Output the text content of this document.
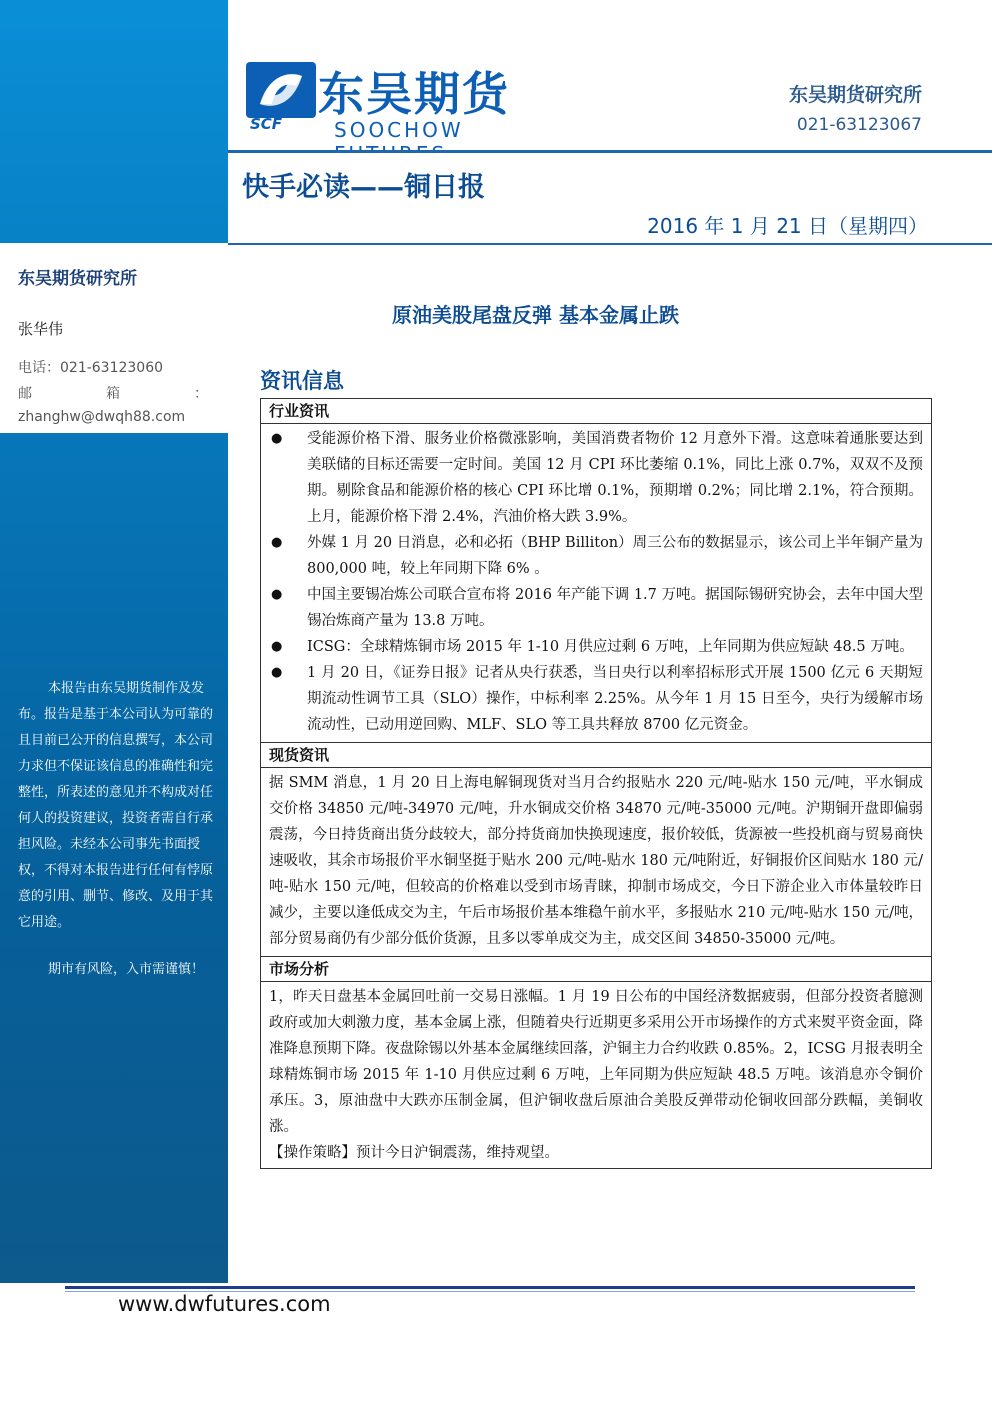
本报告由东吴期货制作及发布。报告是基于本公司认为可靠的且目前已公开的信息撰写，本公司力求但不保证该信息的准确性和完整性，所表述的意见并不构成对任何人的投资建议，投资者需自行承担风险。未经本公司事先书面授权，不得对本报告进行任何有悖原意的引用、删节、修改、及用于其它用途。
期市有风险，入市需谨慎！
东吴期货研究所
张华伟
电话：021-63123060
邮箱：
zhanghw@dwqh88.com
SCF
东吴期货
SOOCHOW
东吴期货研究所
021-63123067
快手必读——铜日报
2016 年 1 月 21 日（星期四）
原油美股尾盘反弹 基本金属止跌
资讯信息
行业资讯
●	受能源价格下滑、服务业价格微涨影响，美国消费者物价 12 月意外下滑。这意味着通胀要达到美联储的目标还需要一定时间。美国 12 月 CPI 环比萎缩 0.1%，同比上涨 0.7%，双双不及预期。剔除食品和能源价格的核心 CPI 环比增 0.1%，预期增 0.2%；同比增 2.1%，符合预期。上月，能源价格下滑 2.4%，汽油价格大跌 3.9%。
●	外媒 1 月 20 日消息，必和必拓（BHP Billiton）周三公布的数据显示，该公司上半年铜产量为 800,000 吨，较上年同期下降 6% 。
●	中国主要锡冶炼公司联合宣布将 2016 年产能下调 1.7 万吨。据国际锡研究协会，去年中国大型锡冶炼商产量为 13.8 万吨。
●	ICSG：全球精炼铜市场 2015 年 1-10 月供应过剩 6 万吨，上年同期为供应短缺 48.5 万吨。
●	1 月 20 日，《证券日报》记者从央行获悉，当日央行以利率招标形式开展 1500 亿元 6 天期短期流动性调节工具（SLO）操作，中标利率 2.25%。从今年 1 月 15 日至今，央行为缓解市场流动性，已动用逆回购、MLF、SLO 等工具共释放 8700 亿元资金。
现货资讯
据 SMM 消息，1 月 20 日上海电解铜现货对当月合约报贴水 220 元/吨-贴水 150 元/吨，平水铜成交价格 34850 元/吨-34970 元/吨，升水铜成交价格 34870 元/吨-35000 元/吨。沪期铜开盘即偏弱震荡，今日持货商出货分歧较大，部分持货商加快换现速度，报价较低，货源被一些投机商与贸易商快速吸收，其余市场报价平水铜坚挺于贴水 200 元/吨-贴水 180 元/吨附近，好铜报价区间贴水 180 元/吨-贴水 150 元/吨，但较高的价格难以受到市场青睐，抑制市场成交，今日下游企业入市体量较昨日减少，主要以逢低成交为主，午后市场报价基本维稳午前水平，多报贴水 210 元/吨-贴水 150 元/吨，部分贸易商仍有少部分低价货源，且多以零单成交为主，成交区间 34850-35000 元/吨。
市场分析
1，昨天日盘基本金属回吐前一交易日涨幅。1 月 19 日公布的中国经济数据疲弱，但部分投资者臆测政府或加大刺激力度，基本金属上涨，但随着央行近期更多采用公开市场操作的方式来熨平资金面，降准降息预期下降。夜盘除锡以外基本金属继续回落，沪铜主力合约收跌 0.85%。2，ICSG 月报表明全球精炼铜市场 2015 年 1-10 月供应过剩 6 万吨，上年同期为供应短缺 48.5 万吨。该消息亦令铜价承压。3，原油盘中大跌亦压制金属，但沪铜收盘后原油合美股反弹带动伦铜收回部分跌幅，美铜收涨。
【操作策略】预计今日沪铜震荡，维持观望。
www.dwfutures.com
